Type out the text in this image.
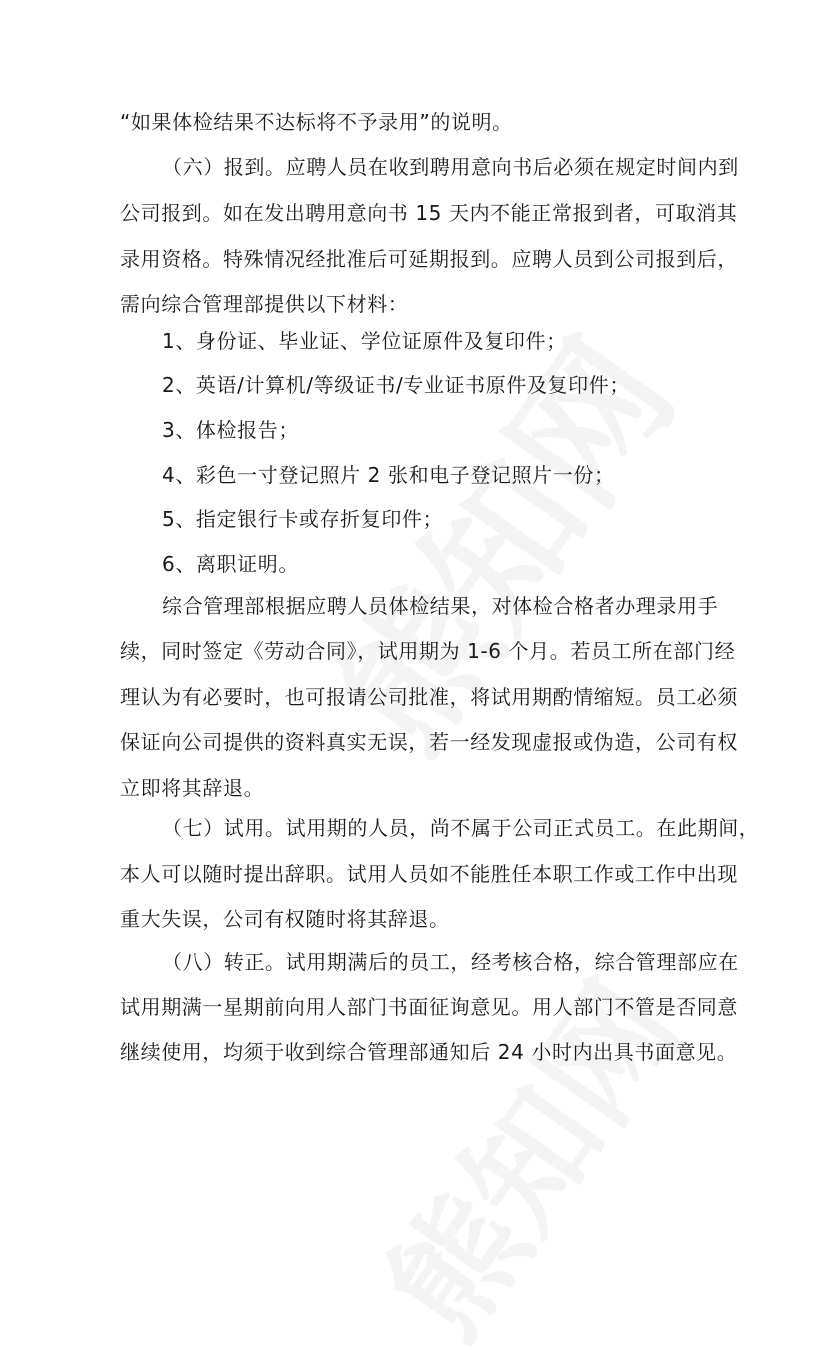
“如果体检结果不达标将不予录用”的说明。
（六）报到。应聘人员在收到聘用意向书后必须在规定时间内到
公司报到。如在发出聘用意向书 15 天内不能正常报到者，可取消其
录用资格。特殊情况经批准后可延期报到。应聘人员到公司报到后，
需向综合管理部提供以下材料：
1、身份证、毕业证、学位证原件及复印件；
2、英语/计算机/等级证书/专业证书原件及复印件；
3、体检报告；
4、彩色一寸登记照片 2 张和电子登记照片一份；
5、指定银行卡或存折复印件；
6、离职证明。
综合管理部根据应聘人员体检结果，对体检合格者办理录用手
续，同时签定《劳动合同》，试用期为 1-6 个月。若员工所在部门经
理认为有必要时，也可报请公司批准，将试用期酌情缩短。员工必须
保证向公司提供的资料真实无误，若一经发现虚报或伪造，公司有权
立即将其辞退。
（七）试用。试用期的人员，尚不属于公司正式员工。在此期间，
本人可以随时提出辞职。试用人员如不能胜任本职工作或工作中出现
重大失误，公司有权随时将其辞退。
（八）转正。试用期满后的员工，经考核合格，综合管理部应在
试用期满一星期前向用人部门书面征询意见。用人部门不管是否同意
继续使用，均须于收到综合管理部通知后 24 小时内出具书面意见。
